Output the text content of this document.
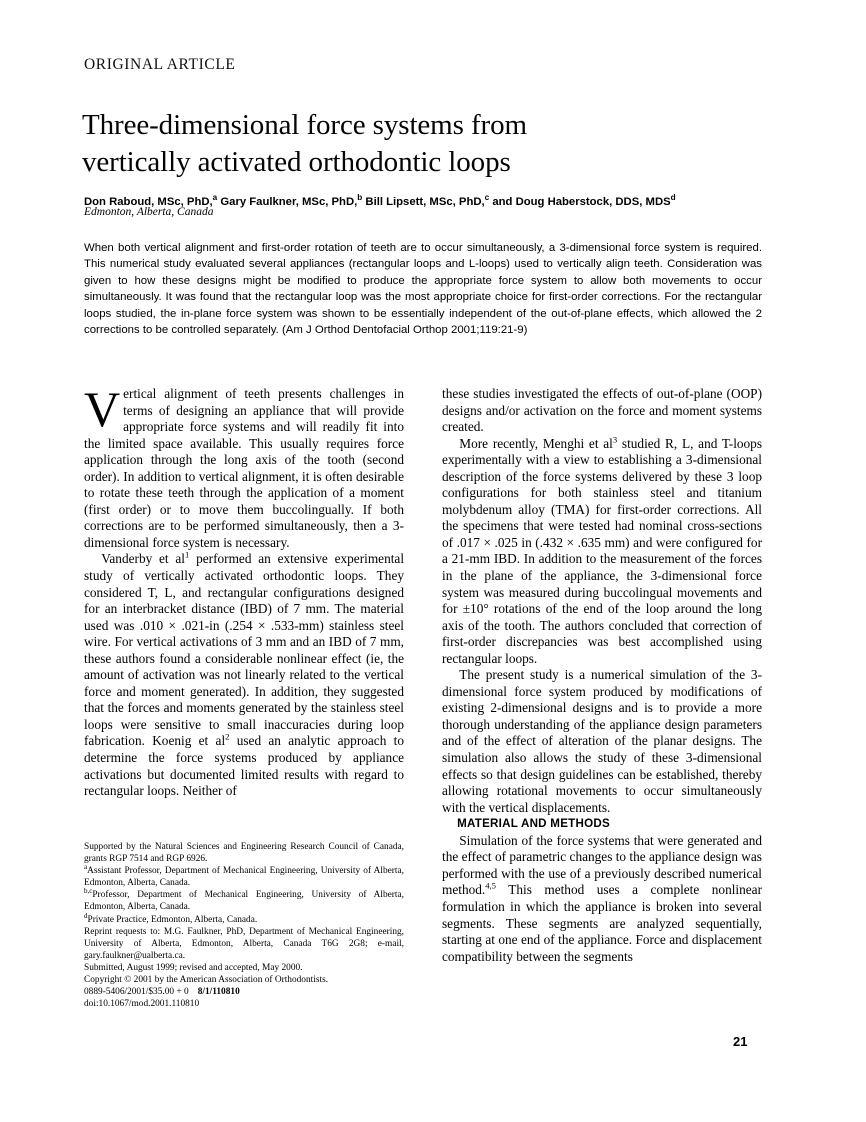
ORIGINAL ARTICLE
Three-dimensional force systems from
vertically activated orthodontic loops
Don Raboud, MSc, PhD,$^a$ Gary Faulkner, MSc, PhD,$^b$ Bill Lipsett, MSc, PhD,$^c$ and Doug Haberstock, DDS, MDS$^d$
Edmonton, Alberta, Canada
When both vertical alignment and first-order rotation of teeth are to occur simultaneously, a 3-dimensional force system is required. This numerical study evaluated several appliances (rectangular loops and L-loops) used to vertically align teeth. Consideration was given to how these designs might be modified to produce the appropriate force system to allow both movements to occur simultaneously. It was found that the rectangular loop was the most appropriate choice for first-order corrections. For the rectangular loops studied, the in-plane force system was shown to be essentially independent of the out-of-plane effects, which allowed the 2 corrections to be controlled separately. (Am J Orthod Dentofacial Orthop 2001;119:21-9)

Vertical alignment of teeth presents challenges in terms of designing an appliance that will provide appropriate force systems and will readily fit into the limited space available. This usually requires force application through the long axis of the tooth (second order). In addition to vertical alignment, it is often desirable to rotate these teeth through the application of a moment (first order) or to move them buccolingually. If both corrections are to be performed simultaneously, then a 3-dimensional force system is necessary.

Vanderby et $al^1$ performed an extensive experimental study of vertically activated orthodontic loops. They considered T, L, and rectangular configurations designed for an interbracket distance (IBD) of 7 mm. The material used was .010 × .021-in (.254 × .533-mm) stainless steel wire. For vertical activations of 3 mm and an IBD of 7 mm, these authors found a considerable nonlinear effect (ie, the amount of activation was not linearly related to the vertical force and moment generated). In addition, they suggested that the forces and moments generated by the stainless steel loops were sensitive to small inaccuracies during loop fabrication. Koenig et $al^2$ used an analytic approach to determine the force systems produced by appliance activations but documented limited results with regard to rectangular loops. Neither of

these studies investigated the effects of out-of-plane (OOP) designs and/or activation on the force and moment systems created.

More recently, Menghi et $al^3$ studied R, L, and T-loops experimentally with a view to establishing a 3-dimensional description of the force systems delivered by these 3 loop configurations for both stainless steel and titanium molybdenum alloy (TMA) for first-order corrections. All the specimens that were tested had nominal cross-sections of .017 × .025 in (.432 × .635 mm) and were configured for a 21-mm IBD. In addition to the measurement of the forces in the plane of the appliance, the 3-dimensional force system was measured during buccolingual movements and for ±10° rotations of the end of the loop around the long axis of the tooth. The authors concluded that correction of first-order discrepancies was best accomplished using rectangular loops.

The present study is a numerical simulation of the 3-dimensional force system produced by modifications of existing 2-dimensional designs and is to provide a more thorough understanding of the appliance design parameters and of the effect of alteration of the planar designs. The simulation also allows the study of these 3-dimensional effects so that design guidelines can be established, thereby allowing rotational movements to occur simultaneously with the vertical displacements.

MATERIAL AND METHODS

Simulation of the force systems that were generated and the effect of parametric changes to the appliance design was performed with the use of a previously described numerical method.$^{4,5}$ This method uses a complete nonlinear formulation in which the appliance is broken into several segments. These segments are analyzed sequentially, starting at one end of the appliance. Force and displacement compatibility between the segments

Supported by the Natural Sciences and Engineering Research Council of Canada, grants RGP 7514 and RGP 6926.

$^a$Assistant Professor, Department of Mechanical Engineering, University of Alberta, Edmonton, Alberta, Canada.

$^{b,c}$Professor, Department of Mechanical Engineering, University of Alberta, Edmonton, Alberta, Canada.

$^d$Private Practice, Edmonton, Alberta, Canada.

Reprint requests to: M.G. Faulkner, PhD, Department of Mechanical Engineering, University of Alberta, Edmonton, Alberta, Canada T6G 2G8; e-mail, gary.faulkner@ualberta.ca.

Submitted, August 1999; revised and accepted, May 2000.

Copyright © 2001 by the American Association of Orthodontists.

0889-5406/2001/$35.00 + 0 8/1/110810

doi:10.1067/mod.2001.110810

21
